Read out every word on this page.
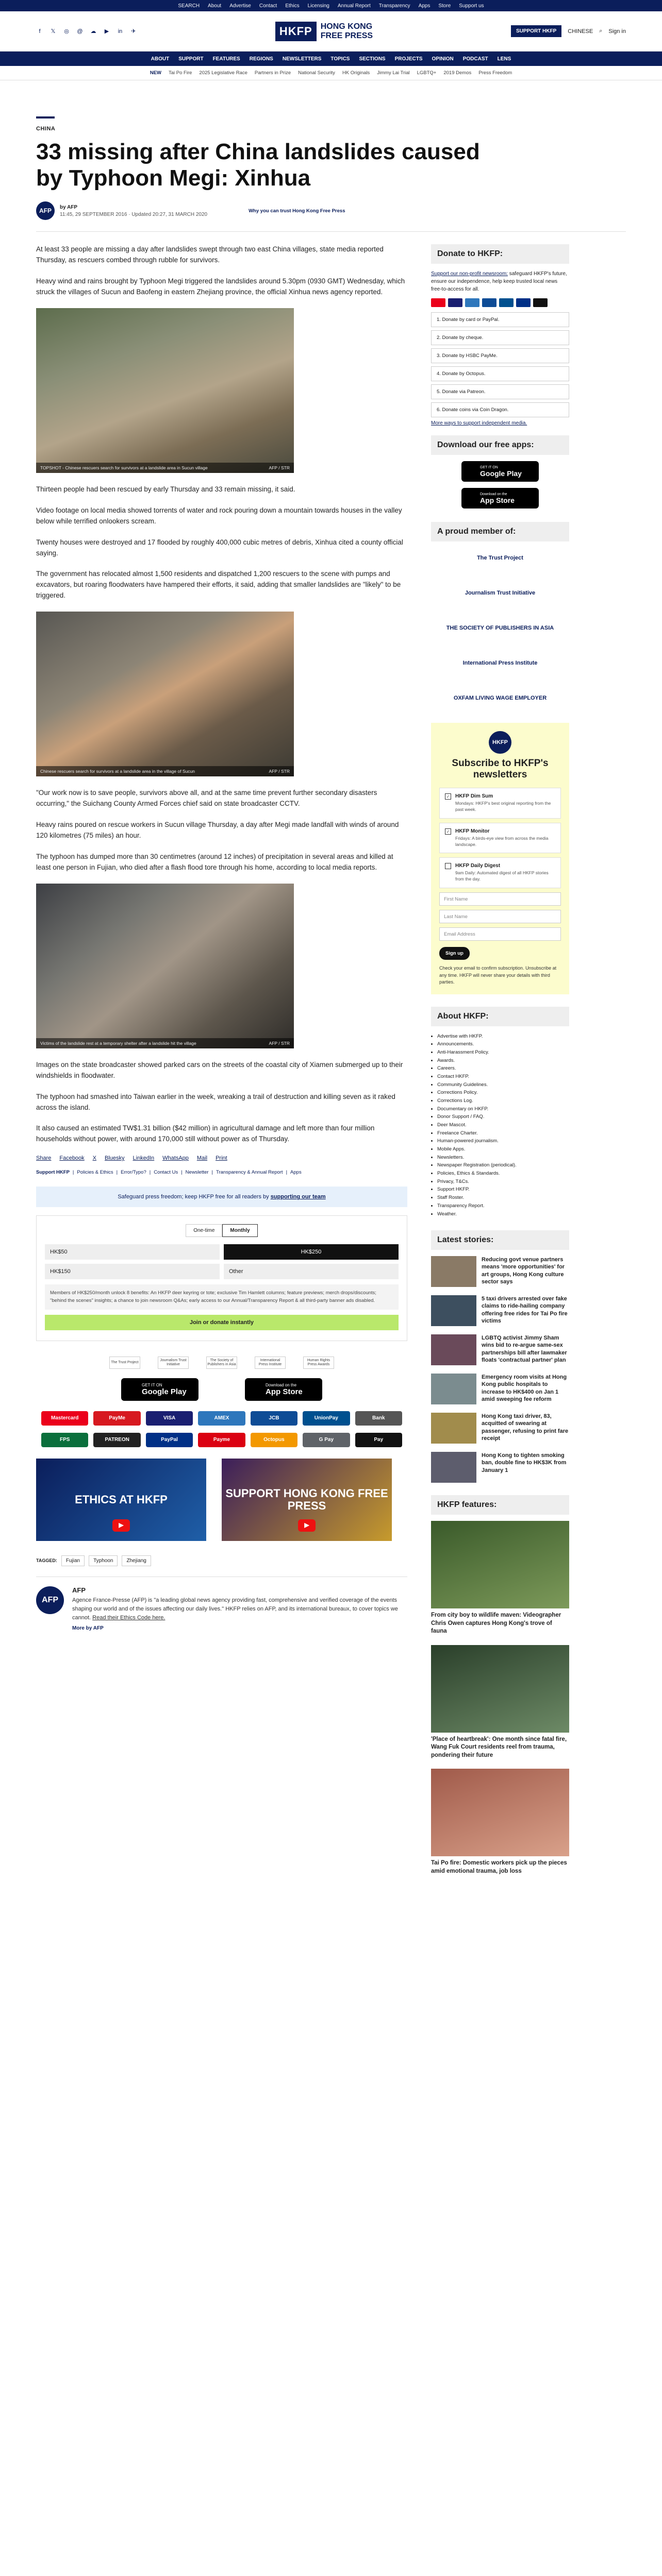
SEARCH About Advertise Contact Ethics Licensing Annual Report Transparency Apps Store Support us
f	𝕏 ◎ @ ☁ ▶ in ✈	HKFP	HONG KONG
FREE PRESS	SUPPORT HKFP	CHINESE ⌕ Sign in
ABOUT SUPPORT FEATURES REGIONS NEWSLETTERS TOPICS SECTIONS PROJECTS OPINION PODCAST LENS
NEW Tai Po Fire 2025 Legislative Race Partners in Prize National Security HK Originals Jimmy Lai Trial LGBTQ+ 2019 Demos Press Freedom
CHINA
33 missing after China landslides caused by Typhoon Megi: Xinhua
AFP	by AFP
11:45, 29 SEPTEMBER 2016 · Updated 20:27, 31 MARCH 2020
Why you can trust Hong Kong Free Press

At least 33 people are missing a day after landslides swept through two east China villages, state media reported Thursday, as rescuers combed through rubble for survivors.

Heavy wind and rains brought by Typhoon Megi triggered the landslides around 5.30pm (0930 GMT) Wednesday, which struck the villages of Sucun and Baofeng in eastern Zhejiang province, the official Xinhua news agency reported.

TOPSHOT - Chinese rescuers search for survivors at a landslide area in Sucun village	AFP / STR

Thirteen people had been rescued by early Thursday and 33 remain missing, it said.

Video footage on local media showed torrents of water and rock pouring down a mountain towards houses in the valley below while terrified onlookers scream.

Twenty houses were destroyed and 17 flooded by roughly 400,000 cubic metres of debris, Xinhua cited a county official saying.

The government has relocated almost 1,500 residents and dispatched 1,200 rescuers to the scene with pumps and excavators, but roaring floodwaters have hampered their efforts, it said, adding that smaller landslides are "likely" to be triggered.

Chinese rescuers search for survivors at a landslide area in the village of Sucun	AFP / STR

"Our work now is to save people, survivors above all, and at the same time prevent further secondary disasters occurring," the Suichang County Armed Forces chief said on state broadcaster CCTV.

Heavy rains poured on rescue workers in Sucun village Thursday, a day after Megi made landfall with winds of around 120 kilometres (75 miles) an hour.

The typhoon has dumped more than 30 centimetres (around 12 inches) of precipitation in several areas and killed at least one person in Fujian, who died after a flash flood tore through his home, according to local media reports.

Victims of the landslide rest at a temporary shelter after a landslide hit the village	AFP / STR

Images on the state broadcaster showed parked cars on the streets of the coastal city of Xiamen submerged up to their windshields in floodwater.

The typhoon had smashed into Taiwan earlier in the week, wreaking a trail of destruction and killing seven as it raked across the island.

It also caused an estimated TW$1.31 billion ($42 million) in agricultural damage and left more than four million households without power, with around 170,000 still without power as of Thursday.

Share Facebook X Bluesky LinkedIn WhatsApp Mail Print
Support HKFP | Policies & Ethics | Error/Typo? | Contact Us | Newsletter | Transparency & Annual Report | Apps
Safeguard press freedom; keep HKFP free for all readers by supporting our team
One-time	Monthly
HK$50	HK$250
HK$150	Other
Members of HK$250/month unlock 8 benefits: An HKFP deer keyring or tote; exclusive Tim Hamlett columns; feature previews; merch drops/discounts; "behind the scenes" insights; a chance to join newsroom Q&As; early access to our Annual/Transparency Report & all third-party banner ads disabled.
Join or donate instantly
The Trust Project
Journalism Trust Initiative
The Society of Publishers in Asia
International Press Institute
Human Rights Press Awards
GET IT ON
Google Play
Download on the
App Store
Mastercard	PayMe	VISA	AMEX	JCB	UnionPay	Bank
FPS	PATREON	PayPal	Payme	Octopus	G Pay	Pay
ETHICS AT HKFP
▶
SUPPORT HONG KONG FREE PRESS
▶
TAGGED:	Fujian	Typhoon	Zhejiang
AFP
AFP
Agence France-Presse (AFP) is "a leading global news agency providing fast, comprehensive and verified coverage of the events shaping our world and of the issues affecting our daily lives." HKFP relies on AFP, and its international bureaux, to cover topics we cannot. Read their Ethics Code here.
More by AFP
Donate to HKFP:
Support our non-profit newsroom: safeguard HKFP's future, ensure our independence, help keep trusted local news free-to-access for all.
1. Donate by card or PayPal.
2. Donate by cheque.
3. Donate by HSBC PayMe.
4. Donate by Octopus.
5. Donate via Patreon.
6. Donate coins via Coin Dragon.
More ways to support independent media.
Download our free apps:
GET IT ON
Google Play
Download on the
App Store
A proud member of:
The Trust Project
Journalism Trust Initiative
THE SOCIETY OF PUBLISHERS IN ASIA
International Press Institute
OXFAM LIVING WAGE EMPLOYER
HKFP
Subscribe to HKFP's newsletters
✓ HKFP Dim Sum
Mondays: HKFP's best original reporting from the past week.
✓ HKFP Monitor
Fridays: A birds-eye view from across the media landscape.
HKFP Daily Digest
9am Daily: Automated digest of all HKFP stories from the day.
First Name
Last Name
Email Address
Sign up
Check your email to confirm subscription. Unsubscribe at any time. HKFP will never share your details with third parties.
About HKFP:
• Advertise with HKFP.
• Announcements.
• Anti-Harassment Policy.
• Awards.
• Careers.
• Contact HKFP.
• Community Guidelines.
• Corrections Policy.
• Corrections Log.
• Documentary on HKFP.
• Donor Support / FAQ.
• Deer Mascot.
• Freelance Charter.
• Human-powered journalism.
• Mobile Apps.
• Newsletters.
• Newspaper Registration (periodical).
• Policies, Ethics & Standards.
• Privacy, T&Cs.
• Support HKFP.
• Staff Roster.
• Transparency Report.
• Weather.
Latest stories:
Reducing govt venue partners means 'more opportunities' for art groups, Hong Kong culture sector says
5 taxi drivers arrested over fake claims to ride-hailing company offering free rides for Tai Po fire victims
LGBTQ activist Jimmy Sham wins bid to re-argue same-sex partnerships bill after lawmaker floats 'contractual partner' plan
Emergency room visits at Hong Kong public hospitals to increase to HK$400 on Jan 1 amid sweeping fee reform
Hong Kong taxi driver, 83, acquitted of swearing at passenger, refusing to print fare receipt
Hong Kong to tighten smoking ban, double fine to HK$3K from January 1
HKFP features:
From city boy to wildlife maven: Videographer Chris Owen captures Hong Kong's trove of fauna
'Place of heartbreak': One month since fatal fire, Wang Fuk Court residents reel from trauma, pondering their future
Tai Po fire: Domestic workers pick up the pieces amid emotional trauma, job loss
